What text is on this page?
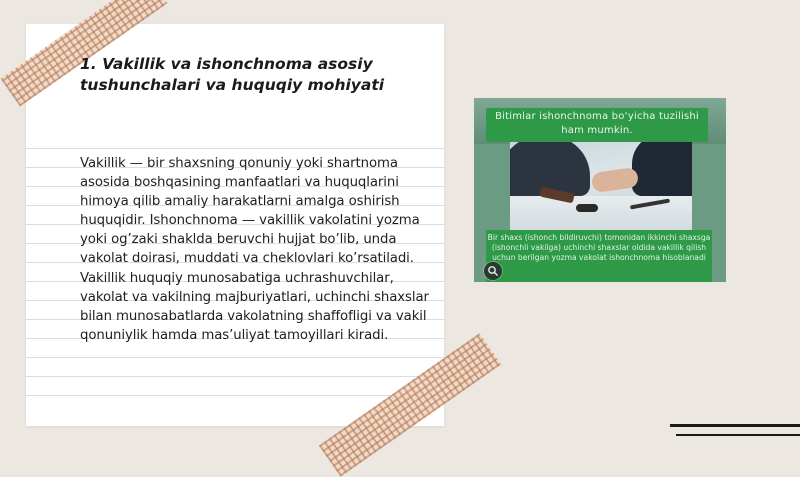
1. Vakillik va ishonchnoma asosiy tushunchalari va huquqiy mohiyati

Vakillik — bir shaxsning qonuniy yoki shartnoma asosida boshqasining manfaatlari va huquqlarini himoya qilib amaliy harakatlarni amalga oshirish huquqidir. Ishonchnoma — vakillik vakolatini yozma yoki og’zaki shaklda beruvchi hujjat bo’lib, unda vakolat doirasi, muddati va cheklovlari ko’rsatiladi. Vakillik huquqiy munosabatiga uchrashuvchilar, vakolat va vakilning majburiyatlari, uchinchi shaxslar bilan munosabatlarda vakolatning shaffofligi va vakil qonuniylik hamda mas’uliyat tamoyillari kiradi.

Bitimlar ishonchnoma bo‘yicha tuzilishi ham mumkin.
Bir shaxs (ishonch bildiruvchi) tomonidan ikkinchi shaxsga (ishonchli vakilga) uchinchi shaxslar oldida vakillik qilish uchun berilgan yozma vakolat ishonchnoma hisoblanadi
